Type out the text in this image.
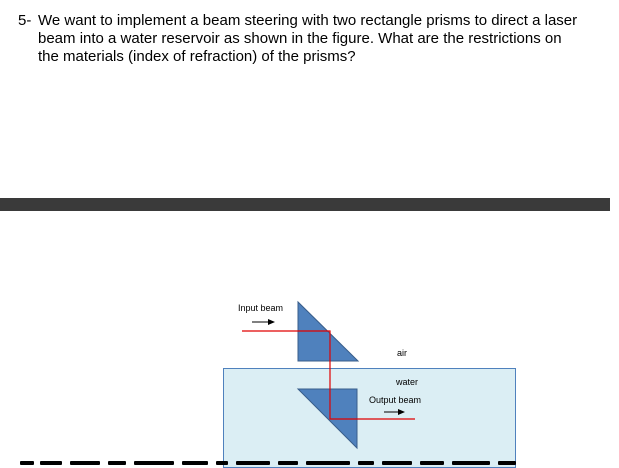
5- We want to implement a beam steering with two rectangle prisms to direct a laser beam into a water reservoir as shown in the figure. What are the restrictions on the materials (index of refraction) of the prisms?
Input beam
air
water
Output beam
